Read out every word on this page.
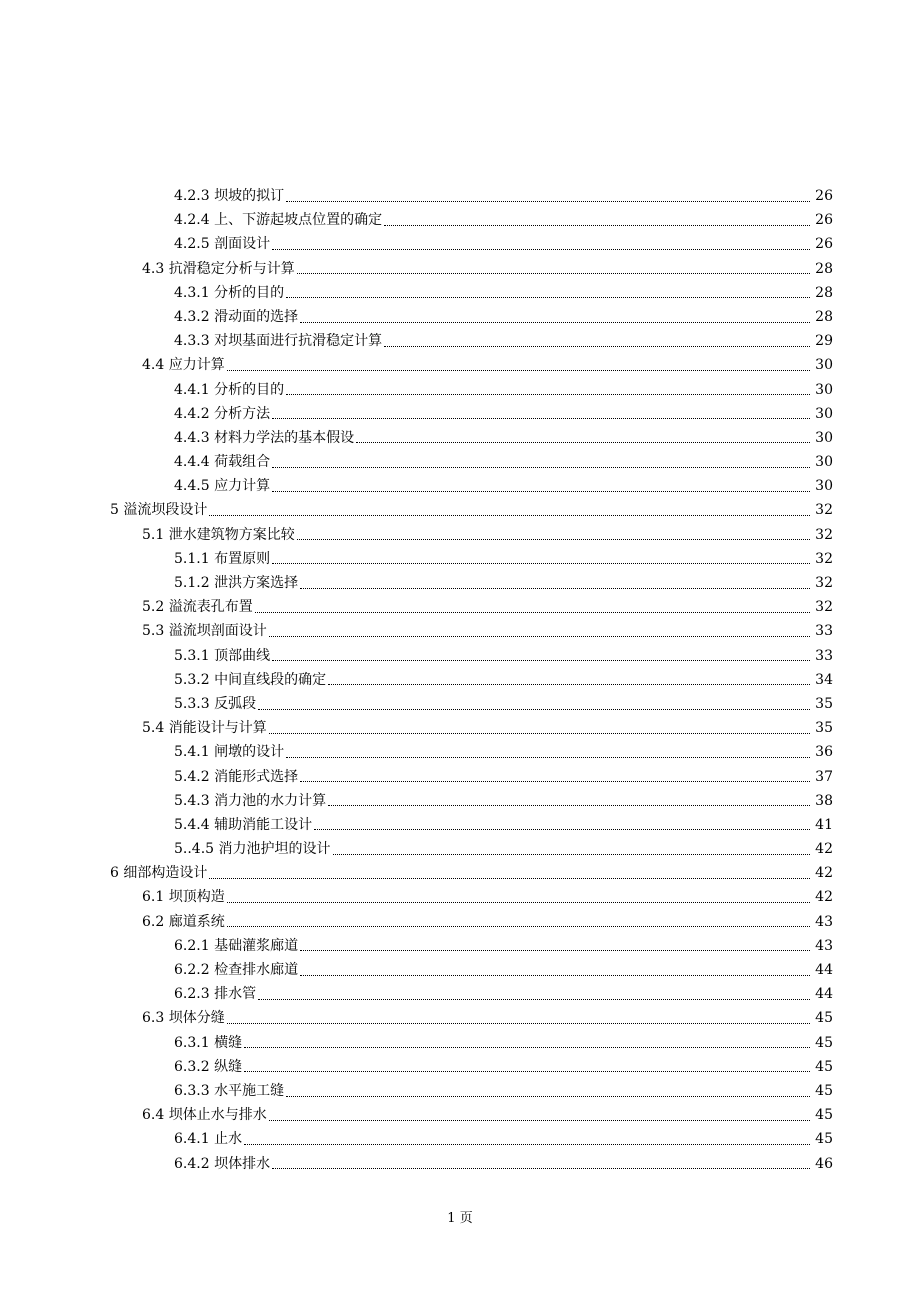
4.2.3 坝坡的拟订	26
4.2.4 上、下游起坡点位置的确定	26
4.2.5 剖面设计	26
4.3 抗滑稳定分析与计算	28
4.3.1 分析的目的	28
4.3.2 滑动面的选择	28
4.3.3 对坝基面进行抗滑稳定计算	29
4.4 应力计算	30
4.4.1 分析的目的	30
4.4.2 分析方法	30
4.4.3 材料力学法的基本假设	30
4.4.4 荷载组合	30
4.4.5 应力计算	30
5 溢流坝段设计	32
5.1 泄水建筑物方案比较	32
5.1.1 布置原则	32
5.1.2 泄洪方案选择	32
5.2 溢流表孔布置	32
5.3 溢流坝剖面设计	33
5.3.1 顶部曲线	33
5.3.2 中间直线段的确定	34
5.3.3 反弧段	35
5.4 消能设计与计算	35
5.4.1 闸墩的设计	36
5.4.2 消能形式选择	37
5.4.3 消力池的水力计算	38
5.4.4 辅助消能工设计	41
5..4.5 消力池护坦的设计	42
6 细部构造设计	42
6.1 坝顶构造	42
6.2 廊道系统	43
6.2.1 基础灌浆廊道	43
6.2.2 检查排水廊道	44
6.2.3 排水管	44
6.3 坝体分缝	45
6.3.1 横缝	45
6.3.2 纵缝	45
6.3.3 水平施工缝	45
6.4 坝体止水与排水	45
6.4.1 止水	45
6.4.2 坝体排水	46
1 页
